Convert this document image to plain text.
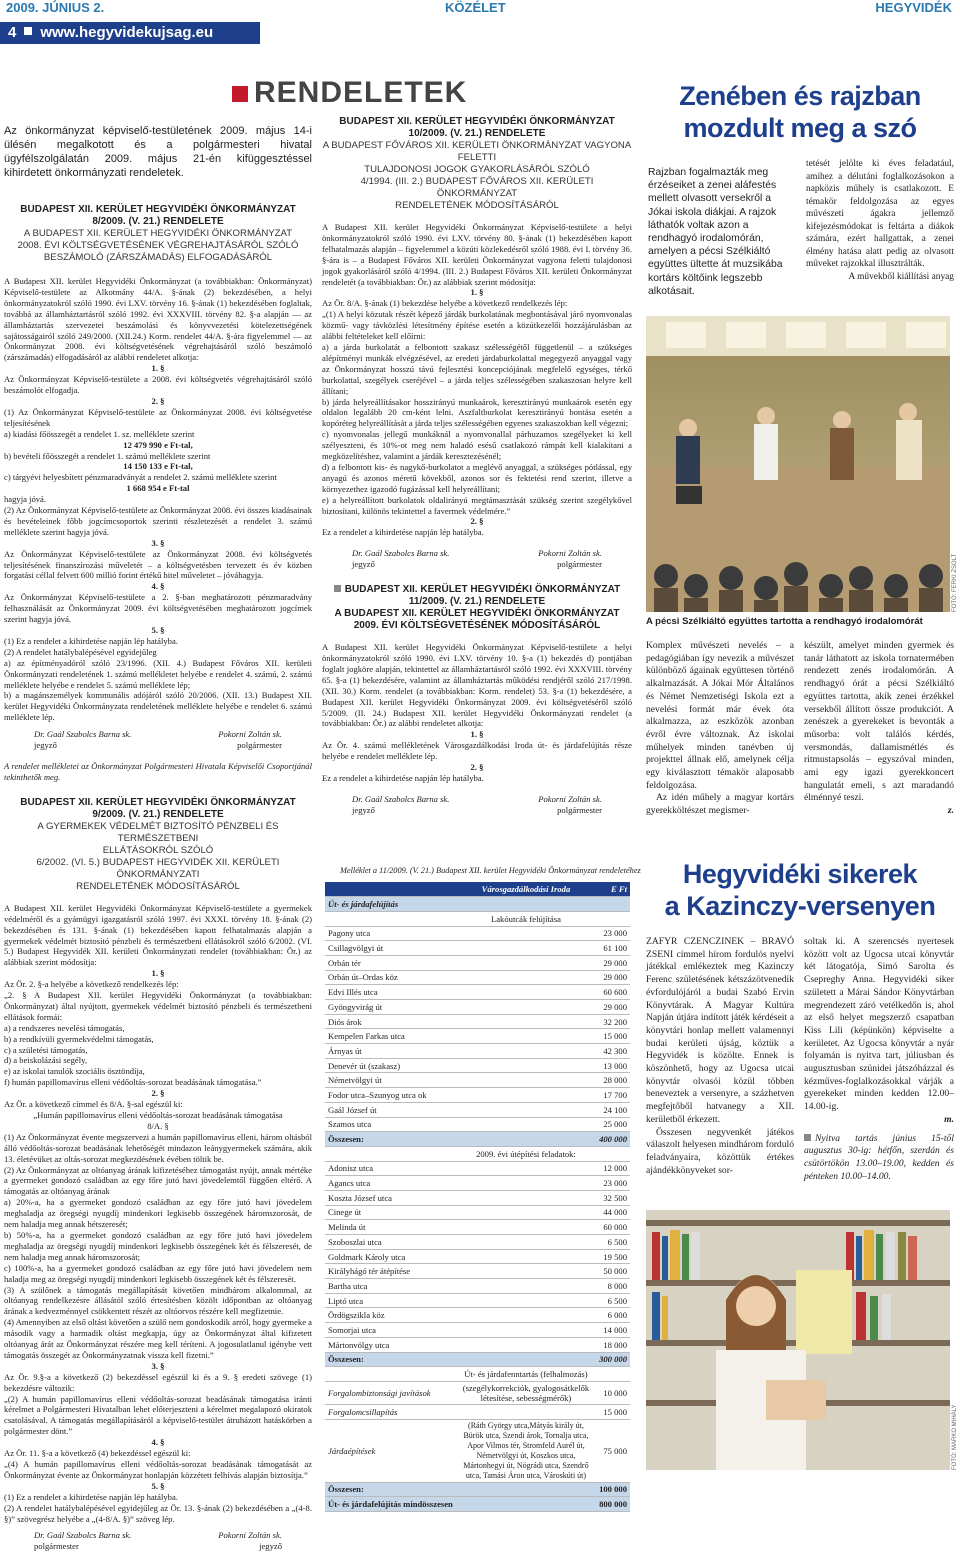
2009. JÚNIUS 2.	KÖZÉLET	HEGYVIDÉK
4 www.hegyvidekujsag.eu
RENDELETEK

Az önkormányzat képviselő-testületének 2009. május 14-i ülésén megalkotott és a polgármesteri hivatal ügyfélszolgálatán 2009. május 21-én kifüggesztéssel kihirdetett önkormányzati rendeletek.

BUDAPEST XII. KERÜLET HEGYVIDÉKI ÖNKORMÁNYZAT

8/2009. (V. 21.) RENDELETE

A BUDAPEST XII. KERÜLET HEGYVIDÉKI ÖNKORMÁNYZAT

2008. ÉVI KÖLTSÉGVETÉSÉNEK VÉGREHAJTÁSÁRÓL SZÓLÓ

BESZÁMOLÓ (ZÁRSZÁMADÁS) ELFOGADÁSÁRÓL

A Budapest XII. kerület Hegyvidéki Önkormányzat (a továbbiakban: Önkormányzat) Képviselő-testülete az Alkotmány 44/A. §-ának (2) bekezdésében, a helyi önkormányzatokról szóló 1990. évi LXV. törvény 16. §-ának (1) bekezdésében foglaltak, továbbá az államháztartásról szóló 1992. évi XXXVIII. törvény 82. §-a alapján — az államháztartás szervezetei beszámolási és könyvvezetési kötelezettségének sajátosságairól szóló 249/2000. (XII.24.) Korm. rendelet 44/A. §-ára figyelemmel — az Önkormányzat 2008. évi költségvetésének végrehajtásáról szóló beszámoló (zárszámadás) elfogadásáról az alábbi rendeletet alkotja:

1. §

Az Önkormányzat Képviselő-testülete a 2008. évi költségvetés végrehajtásáról szóló beszámolót elfogadja.

2. §

(1) Az Önkormányzat Képviselő-testülete az Önkormányzat 2008. évi költségvetése teljesítésének

a) kiadási főösszegét a rendelet 1. sz. melléklete szerint

12 479 990 e Ft-tal,

b) bevételi főösszegét a rendelet 1. számú melléklete szerint

14 150 133 e Ft-tal,

c) tárgyévi helyesbített pénzmaradványát a rendelet 2. számú melléklete szerint

1 668 954 e Ft-tal

hagyja jóvá.

(2) Az Önkormányzat Képviselő-testülete az Önkormányzat 2008. évi összes kiadásainak és bevételeinek főbb jogcímcsoportok szerinti részletezését a rendelet 3. számú melléklete szerint hagyja jóvá.

3. §

Az Önkormányzat Képviselő-testülete az Önkormányzat 2008. évi költségvetés teljesítésének finanszírozási műveletét – a költségvetésben tervezett és év közben forgatási céllal felvett 600 millió forint értékű hitel műveletet – jóváhagyja.

4. §

Az Önkormányzat Képviselő-testülete a 2. §-ban meghatározott pénzmaradvány felhasználását az Önkormányzat 2009. évi költségvetésében meghatározott jogcímek szerint hagyja jóvá.

5. §

(1) Ez a rendelet a kihirdetése napján lép hatályba.

(2) A rendelet hatálybalépésével egyidejűleg

a) az építményadóról szóló 23/1996. (XII. 4.) Budapest Főváros XII. kerületi Önkormányzati rendeletének 1. számú mellékletet helyébe e rendelet 4. számú, 2. számú melléklete helyébe e rendelet 5. számú melléklete lép;

b) a magánszemélyek kommunális adójáról szóló 20/2006. (XII. 13.) Budapest XII. kerület Hegyvidéki Önkormányzata rendeletének melléklete helyébe e rendelet 6. számú melléklete lép.

Dr. Gaál Szabolcs Barna sk.	Pokorni Zoltán sk.
jegyző	polgármester

A rendelet mellékletei az Önkormányzat Polgármesteri Hivatala Képviselői Csoportjánál tekinthetők meg.

BUDAPEST XII. KERÜLET HEGYVIDÉKI ÖNKORMÁNYZAT

9/2009. (V. 21.) RENDELETE

A GYERMEKEK VÉDELMÉT BIZTOSÍTÓ PÉNZBELI ÉS TERMÉSZETBENI

ELLÁTÁSOKRÓL SZÓLÓ

6/2002. (VI. 5.) BUDAPEST HEGYVIDÉK XII. KERÜLETI ÖNKORMÁNYZATI

RENDELETÉNEK MÓDOSÍTÁSÁRÓL

A Budapest XII. kerület Hegyvidéki Önkormányzat Képviselő-testülete a gyermekek védelméről és a gyámügyi igazgatásról szóló 1997. évi XXXI. törvény 18. §-ának (2) bekezdésében és 131. §-ának (1) bekezdésében kapott felhatalmazás alapján a gyermekek védelmét biztosító pénzbeli és természetbeni ellátásokról szóló 6/2002. (VI. 5.) Budapest Hegyvidék XII. kerületi Önkormányzati rendelet (továbbiakban: Ör.) az alábbiak szerint módosítja:

1. §

Az Ör. 2. §-a helyébe a következő rendelkezés lép:

„2. § A Budapest XII. kerület Hegyvidéki Önkormányzat (a továbbiakban: Önkormányzat) által nyújtott, gyermekek védelmét biztosító pénzbeli és természetbeni ellátások formái:

a) a rendszeres nevelési támogatás,

b) a rendkívüli gyermekvédelmi támogatás,

c) a születési támogatás,

d) a beiskolázási segély,

e) az iskolai tanulók szociális ösztöndíja,

f) humán papillomavírus elleni védőoltás-sorozat beadásának támogatása.”

2. §

Az Ör. a következő címmel és 8/A. §-sal egészül ki:

„Humán papillomavírus elleni védőoltás-sorozat beadásának támogatása

8/A. §

(1) Az Önkormányzat évente megszervezi a humán papillomavírus elleni, három oltásból álló védőoltás-sorozat beadásának lehetőségét mindazon leánygyermekek számára, akik 13. életévüket az oltás-sorozat megkezdésének évében töltik be.

(2) Az Önkormányzat az oltóanyag árának kifizetéséhez támogatást nyújt, annak mértéke a gyermeket gondozó családban az egy főre jutó havi jövedelemtől függően eltérő. A támogatás az oltóanyag árának

a) 20%-a, ha a gyermeket gondozó családban az egy főre jutó havi jövedelem meghaladja az öregségi nyugdíj mindenkori legkisebb összegének háromszorosát, de nem haladja meg annak hétszeresét;

b) 50%-a, ha a gyermeket gondozó családban az egy főre jutó havi jövedelem meghaladja az öregségi nyugdíj mindenkori legkisebb összegének két és félszeresét, de nem haladja meg annak háromszorosát;

c) 100%-a, ha a gyermeket gondozó családban az egy főre jutó havi jövedelem nem haladja meg az öregségi nyugdíj mindenkori legkisebb összegének két és félszeresét.

(3) A szülőnek a támogatás megállapítását követően mindhárom alkalommal, az oltóanyag rendelkezésre állásától szóló értesítésben közölt időpontban az oltóanyag árának a kedvezménnyel csökkentett részét az oltóorvos részére kell megfizetnie.

(4) Amennyiben az első oltást követően a szülő nem gondoskodik arról, hogy gyermeke a második vagy a harmadik oltást megkapja, úgy az Önkormányzat által kifizetett oltóanyag árát az Önkormányzat részére meg kell téríteni. A jogosulatlanul igénybe vett támogatás összegét az Önkormányzatnak vissza kell fizetni.”

3. §

Az Ör. 9.§-a a következő (2) bekezdéssel egészül ki és a 9. § eredeti szövege (1) bekezdésre változik:

„(2) A humán papillomavírus elleni védőoltás-sorozat beadásának támogatása iránti kérelmet a Polgármesteri Hivatalban lehet előterjeszteni a kérelmet megalapozó okiratok csatolásával. A támogatás megállapításáról a képviselő-testület átruházott hatáskörben a polgármester dönt.”

4. §

Az Ör. 11. §-a a következő (4) bekezdéssel egészül ki:

„(4) A humán papillomavírus elleni védőoltás-sorozat beadásának támogatását az Önkormányzat évente az Önkormányzat honlapján közzétett felhívás alapján biztosítja.”

5. §

(1) Ez a rendelet a kihirdetése napján lép hatályba.

(2) A rendelet hatálybalépésével egyidejűleg az Ör. 13. §-ának (2) bekezdésében a „(4-8. §)” szövegrész helyébe a „(4-8/A. §)” szöveg lép.

Dr. Gaál Szabolcs Barna sk.	Pokorni Zoltán sk.
polgármester	jegyző

BUDAPEST XII. KERÜLET HEGYVIDÉKI ÖNKORMÁNYZAT

10/2009. (V. 21.) RENDELETE

A BUDAPEST FŐVÁROS XII. KERÜLETI ÖNKORMÁNYZAT VAGYONA FELETTI

TULAJDONOSI JOGOK GYAKORLÁSÁRÓL SZÓLÓ

4/1994. (III. 2.) BUDAPEST FŐVÁROS XII. KERÜLETI ÖNKORMÁNYZAT

RENDELETÉNEK MÓDOSÍTÁSÁRÓL

A Budapest XII. kerület Hegyvidéki Önkormányzat Képviselő-testülete a helyi önkormányzatokról szóló 1990. évi LXV. törvény 80. §-ának (1) bekezdésében kapott felhatalmazás alapján – figyelemmel a közúti közlekedésről szóló 1988. évi I. törvény 36. §-ára is – a Budapest Főváros XII. kerületi Önkormányzat vagyona feletti tulajdonosi jogok gyakorlásáról szóló 4/1994. (III. 2.) Budapest Főváros XII. kerületi Önkormányzat rendeletét (a továbbiakban: Ör.) az alábbiak szerint módosítja:

1. §

Az Ör. 8/A. §-ának (1) bekezdése helyébe a következő rendelkezés lép:

„(1) A helyi közutak részét képező járdák burkolatának megbontásával járó nyomvonalas közmű- vagy távközlési létesítmény építése esetén a közútkezelői hozzájárulásban az alábbi feltételeket kell előírni:

a) a járda burkolatát a felbontott szakasz szélességétől függetlenül – a szükséges alépítményi munkák elvégzésével, az eredeti járdaburkolattal megegyező anyaggal vagy az Önkormányzat hosszú távú fejlesztési koncepciójának megfelelő egységes, térkő burkolattal, szegélyek cseréjével – a járda teljes szélességében szakaszosan helyre kell állítani;

b) járda helyreállításakor hosszirányú munkaárok, keresztirányú munkaárok esetén egy oldalon legalább 20 cm-ként lelni. Aszfaltburkolat keresztirányú bontása esetén a kopóréteg helyreállítását a járda teljes szélességében egyenes szakaszokban kell végezni;

c) nyomvonalas jellegű munkáknál a nyomvonallal párhuzamos szegélyeket ki kell szélyeszteni, és 10%-ot meg nem haladó esésű csatlakozó rámpát kell kialakítani a megközelítéshez, valamint a járdák keresztezésénél;

d) a felbontott kis- és nagykő-burkolatot a meglévő anyaggal, a szükséges pótlással, egy anyagú és azonos méretű kövekből, azonos sor és fektetési rend szerint, illetve a környezethez igazodó fugázással kell helyreállítani;

e) a helyreállított burkolatok oldalirányú megtámasztását szükség szerint szegélykővel biztosítani, különös tekintettel a favermek védelmére.”

2. §

Ez a rendelet a kihirdetése napján lép hatályba.

Dr. Gaál Szabolcs Barna sk.	Pokorni Zoltán sk.
jegyző	polgármester

BUDAPEST XII. KERÜLET HEGYVIDÉKI ÖNKORMÁNYZAT

11/2009. (V. 21.) RENDELETE

A BUDAPEST XII. KERÜLET HEGYVIDÉKI ÖNKORMÁNYZAT

2009. ÉVI KÖLTSÉGVETÉSÉNEK MÓDOSÍTÁSÁRÓL

A Budapest XII. kerület Hegyvidéki Önkormányzat Képviselő-testülete a helyi önkormányzatokról szóló 1990. évi LXV. törvény 10. §-a (1) bekezdés d) pontjában foglalt jogköre alapján, tekintettel az államháztartásról szóló 1992. évi XXXVIII. törvény 65. §-a (1) bekezdésére, valamint az államháztartás működési rendjéről szóló 217/1998. (XII. 30.) Korm. rendelet (a továbbiakban: Korm. rendelet) 53. §-a (1) bekezdésére, a Budapest XII. kerület Hegyvidéki Önkormányzat 2009. évi költségvetéséről szóló 5/2009. (II. 24.) Budapest XII. kerület Hegyvidéki Önkormányzati rendelet (a továbbiakban: Ör.) az alábbi rendeletet alkotja:

1. §

Az Ör. 4. számú mellékletének Városgazdálkodási Iroda út- és járdafelújítás része helyébe e rendelet melléklete lép.

2. §

Ez a rendelet a kihirdetése napján lép hatályba.

Dr. Gaál Szabolcs Barna sk.	Pokorni Zoltán sk.
jegyző	polgármester
Melléklet a 11/2009. (V. 21.) Budapest XII. kerület Hegyvidéki Önkormányzat rendeletéhez
	Városgazdálkodási Iroda	E Ft
Út- és járdafelújítás		
	Lakóutcák felújítása	
Pagony utca		23 000
Csillagvölgyi út		61 100
Orbán tér		29 000
Orbán út–Ordas köz		29 000
Edvi Illés utca		60 600
Gyöngyvirág út		29 000
Diós árok		32 200
Kempelen Farkas utca		15 000
Árnyas út		42 300
Denevér út (szakasz)		13 000
Németvölgyi út		28 000
Fodor utca–Szunyog utca ok		17 700
Gaál József út		24 100
Szamos utca		25 000
Összesen:		400 000
	2009. évi útépítési feladatok:	
Adonisz utca		12 000
Agancs utca		23 000
Koszta József utca		32 500
Cinege út		44 000
Melinda út		60 000
Szoboszlai utca		6 500
Goldmark Károly utca		19 500
Királyhágó tér átépítése		50 000
Bartha utca		8 000
Liptó utca		6 500
Ördögszikla köz		6 000
Somorjai utca		14 000
Mártonvölgy utca		18 000
Összesen:		300 000
	Út- és járdafenntartás (felhalmozás)	
Forgalombiztonsági javítások	(szegélykorrekciók, gyalogosátkelők létesítése, sebességmérők)	10 000
Forgalomcsillapítás		15 000
Járdaépítések	(Ráth György utca,Mátyás király út, Bürök utca, Szendi árok, Tornalja utca, Apor Vilmos tér, Stromfeld Aurél út, Németvölgyi út, Koszkos utca, Mártonhegyi út, Nógrádi utca, Szendrő utca, Tamási Áron utca, Városkúti út)	75 000
Összesen:		100 000
Út- és járdafelújítás mindösszesen		800 000
Zenében és rajzban
mozdult meg a szó
Rajzban fogalmazták meg érzéseiket a zenei aláfestés mellett olvasott versekről a Jókai iskola diákjai. A rajzok láthatók voltak azon a rendhagyó irodalomórán, amelyen a pécsi Szélkiáltó együttes ültette át muzsikába kortárs költőink legszebb alkotásait.

tetését jelölte ki éves feladatául, amihez a délutáni foglalkozásokon a napközis műhely is csatlakozott. E témakör feldolgozása az egyes művészeti ágakra jellemző kifejezésmódokat is feltárta a diákok számára, ezért hallgattak, a zenei élmény hatása alatt pedig az olvasott műveket rajzokkal illusztrálták.

A művekből kiállítási anyag

FOTÓ: FERKI ZSOLT
A pécsi Szélkiáltó együttes tartotta a rendhagyó irodalomórát

Komplex művészeti nevelés – a pedagógiában így nevezik a művészet különböző ágainak együttesen történő alkalmazását. A Jókai Mór Általános és Német Nemzetiségi Iskola ezt a nevelési formát már évek óta alkalmazza, az eszközök azonban évről évre változnak. Az iskolai műhelyek minden tanévben új projekttel állnak elő, amelynek célja egy kiválasztott témakör alaposabb feldolgozása.

Az idén műhely a magyar kortárs gyerekköltészet megismer-

készült, amelyet minden gyermek és tanár láthatott az iskola tornatermében rendezett zenés irodalomórán. A rendhagyó órát a pécsi Szélkiáltó együttes tartotta, akik zenei érzékkel versekből állított össze produkciót. A zenészek a gyerekeket is bevonták a műsorba: volt találós kérdés, versmondás, dallamismétlés és ritmustapsolás – egyszóval minden, ami egy igazi gyerekkoncert hangulatát emeli, s azt maradandó élménnyé teszi.

z.

Hegyvidéki sikerek
a Kazinczy-versenyen

ZAFYR CZENCZINEK – BRAVÓ ZSENI címmel hírom fordulós nyelvi játékkal emlékeztek meg Kazinczy Ferenc születésének kétszázötvenedik évfordulójáról a budai Szabó Ervin Könyvtárak. A Magyar Kultúra Napján útjára indított játék kérdéseit a könyvtári honlap mellett valamennyi budai kerületi újság, köztük a Hegyvidék is közölte. Ennek is köszönhető, hogy az Ugocsa utcai könyvtár olvasói közül többen beneveztek a versenyre, a százhetven megfejtőből hatvanegy a XII. kerületből érkezett.

Összesen negyvenkét játékos válaszolt helyesen mindhárom forduló feladványaira, közöttük értékes ajándékkönyveket sor-

soltak ki. A szerencsés nyertesek között volt az Ugocsa utcai könyvtár két látogatója, Simó Sarolta és Csepreghy Anna. Hegyvidéki siker született a Márai Sándor Könyvtárban megrendezett záró vetélkedőn is, ahol az első helyet megszerző csapatban Kiss Lili (képünkön) képviselte a kerületet. Az Ugocsa könyvtár a nyár folyamán is nyitva tart, júliusban és augusztusban szünidei játszóházzal és kézműves-foglalkozásokkal várják a gyerekeket minden kedden 12.00–14.00-ig.

m.

Nyitva tartás június 15-től augusztus 30-ig: hétfőn, szerdán és csütörtökön 13.00–19.00, kedden és pénteken 10.00–14.00.

FOTÓ: MARKO MIHÁLY
